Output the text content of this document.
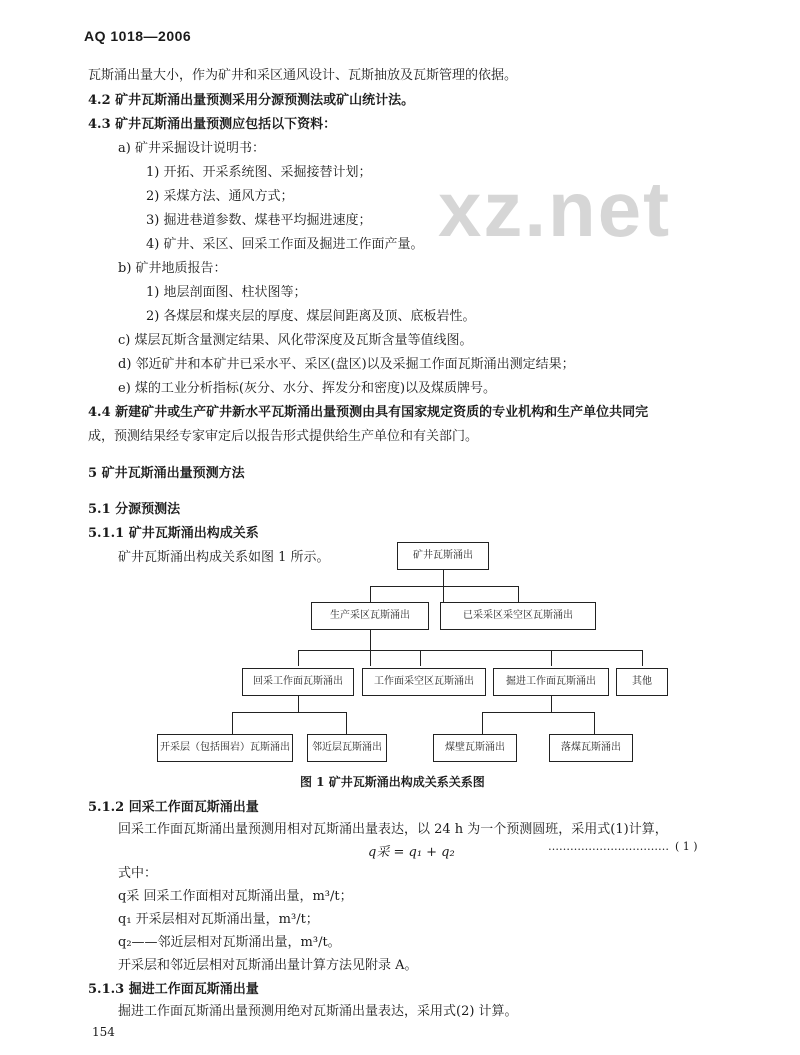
AQ 1018—2006
xz.net
瓦斯涌出量大小，作为矿井和采区通风设计、瓦斯抽放及瓦斯管理的依据。
4.2 矿井瓦斯涌出量预测采用分源预测法或矿山统计法。
4.3 矿井瓦斯涌出量预测应包括以下资料：
a) 矿井采掘设计说明书：
1) 开拓、开采系统图、采掘接替计划；
2) 采煤方法、通风方式；
3) 掘进巷道参数、煤巷平均掘进速度；
4) 矿井、采区、回采工作面及掘进工作面产量。
b) 矿井地质报告：
1) 地层剖面图、柱状图等；
2) 各煤层和煤夹层的厚度、煤层间距离及顶、底板岩性。
c) 煤层瓦斯含量测定结果、风化带深度及瓦斯含量等值线图。
d) 邻近矿井和本矿井已采水平、采区(盘区)以及采掘工作面瓦斯涌出测定结果；
e) 煤的工业分析指标(灰分、水分、挥发分和密度)以及煤质牌号。
4.4 新建矿井或生产矿井新水平瓦斯涌出量预测由具有国家规定资质的专业机构和生产单位共同完
成，预测结果经专家审定后以报告形式提供给生产单位和有关部门。
5 矿井瓦斯涌出量预测方法
5.1 分源预测法
5.1.1 矿井瓦斯涌出构成关系
矿井瓦斯涌出构成关系如图 1 所示。	矿井瓦斯涌出
生产采区瓦斯涌出	已采采区采空区瓦斯涌出
回采工作面瓦斯涌出	工作面采空区瓦斯涌出	掘进工作面瓦斯涌出	其他
开采层（包括围岩）瓦斯涌出	邻近层瓦斯涌出	煤壁瓦斯涌出	落煤瓦斯涌出
图 1 矿井瓦斯涌出构成关系关系图
5.1.2 回采工作面瓦斯涌出量
回采工作面瓦斯涌出量预测用相对瓦斯涌出量表达，以 24 h 为一个预测圆班，采用式(1)计算，
q采 = q₁ + q₂	…………………………… ( 1 )
式中：
q采 回采工作面相对瓦斯涌出量，m³/t；
q₁ 开采层相对瓦斯涌出量，m³/t；
q₂——邻近层相对瓦斯涌出量，m³/t。
开采层和邻近层相对瓦斯涌出量计算方法见附录 A。
5.1.3 掘进工作面瓦斯涌出量
掘进工作面瓦斯涌出量预测用绝对瓦斯涌出量表达，采用式(2) 计算。
154
